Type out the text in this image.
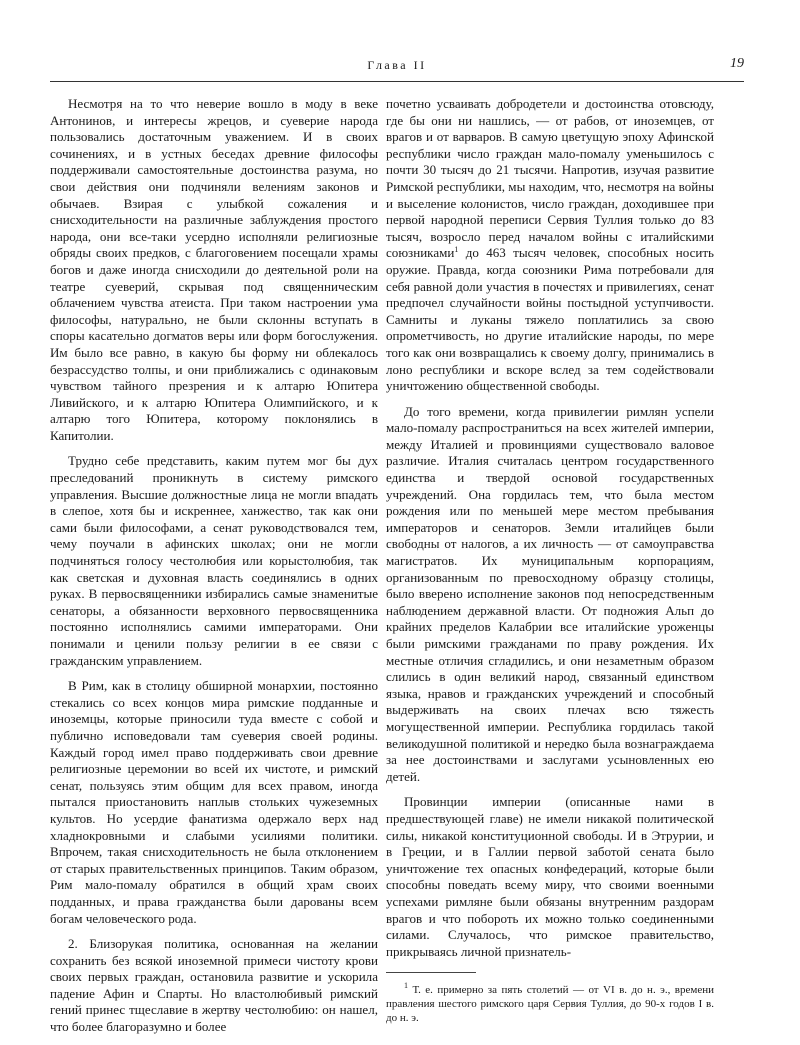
Глава II	19

Несмотря на то что неверие вошло в моду в веке Антонинов, и интересы жрецов, и суеверие народа пользовались достаточным уважением. И в своих сочинениях, и в устных беседах древние философы поддерживали самостоятельные достоинства разума, но свои действия они подчиняли велениям законов и обычаев. Взирая с улыбкой сожаления и снисходительности на различные заблуждения простого народа, они все-таки усердно исполняли религиозные обряды своих предков, с благоговением посещали храмы богов и даже иногда снисходили до деятельной роли на театре суеверий, скрывая под священническим облачением чувства атеиста. При таком настроении ума философы, натурально, не были склонны вступать в споры касательно догматов веры или форм богослужения. Им было все равно, в какую бы форму ни облекалось безрассудство толпы, и они приближались с одинаковым чувством тайного презрения и к алтарю Юпитера Ливийского, и к алтарю Юпитера Олимпийского, и к алтарю того Юпитера, которому поклонялись в Капитолии.

Трудно себе представить, каким путем мог бы дух преследований проникнуть в систему римского управления. Высшие должностные лица не могли впадать в слепое, хотя бы и искреннее, ханжество, так как они сами были философами, а сенат руководствовался тем, чему поучали в афинских школах; они не могли подчиняться голосу честолюбия или корыстолюбия, так как светская и духовная власть соединялись в одних руках. В первосвященники избирались самые знаменитые сенаторы, а обязанности верховного первосвященника постоянно исполнялись самими императорами. Они понимали и ценили пользу религии в ее связи с гражданским управлением.

В Рим, как в столицу обширной монархии, постоянно стекались со всех концов мира римские подданные и иноземцы, которые приносили туда вместе с собой и публично исповедовали там суеверия своей родины. Каждый город имел право поддерживать свои древние религиозные церемонии во всей их чистоте, и римский сенат, пользуясь этим общим для всех правом, иногда пытался приостановить наплыв стольких чужеземных культов. Но усердие фанатизма одержало верх над хладнокровными и слабыми усилиями политики. Впрочем, такая снисходительность не была отклонением от старых правительственных принципов. Таким образом, Рим мало-помалу обратился в общий храм своих подданных, и права гражданства были дарованы всем богам человеческого рода.

2. Близорукая политика, основанная на желании сохранить без всякой иноземной примеси чистоту крови своих первых граждан, остановила развитие и ускорила падение Афин и Спарты. Но властолюбивый римский гений принес тщеславие в жертву честолюбию: он нашел, что более благоразумно и более

почетно усваивать добродетели и достоинства отовсюду, где бы они ни нашлись, — от рабов, от иноземцев, от врагов и от варваров. В самую цветущую эпоху Афинской республики число граждан мало-помалу уменьшилось с почти 30 тысяч до 21 тысячи. Напротив, изучая развитие Римской республики, мы находим, что, несмотря на войны и выселение колонистов, число граждан, доходившее при первой народной переписи Сервия Туллия только до 83 тысяч, возросло перед началом войны с италийскими союзниками$^1$ до 463 тысяч человек, способных носить оружие. Правда, когда союзники Рима потребовали для себя равной доли участия в почестях и привилегиях, сенат предпочел случайности войны постыдной уступчивости. Самниты и луканы тяжело поплатились за свою опрометчивость, но другие италийские народы, по мере того как они возвращались к своему долгу, принимались в лоно республики и вскоре вслед за тем содействовали уничтожению общественной свободы.

До того времени, когда привилегии римлян успели мало-помалу распространиться на всех жителей империи, между Италией и провинциями существовало валовое различие. Италия считалась центром государственного единства и твердой основой государственных учреждений. Она гордилась тем, что была местом рождения или по меньшей мере местом пребывания императоров и сенаторов. Земли италийцев были свободны от налогов, а их личность — от самоуправства магистратов. Их муниципальным корпорациям, организованным по превосходному образцу столицы, было вверено исполнение законов под непосредственным наблюдением державной власти. От подножия Альп до крайних пределов Калабрии все италийские уроженцы были римскими гражданами по праву рождения. Их местные отличия сгладились, и они незаметным образом слились в один великий народ, связанный единством языка, нравов и гражданских учреждений и способный выдерживать на своих плечах всю тяжесть могущественной империи. Республика гордилась такой великодушной политикой и нередко была вознаграждаема за нее достоинствами и заслугами усыновленных ею детей.

Провинции империи (описанные нами в предшествующей главе) не имели никакой политической силы, никакой конституционной свободы. И в Этрурии, и в Греции, и в Галлии первой заботой сената было уничтожение тех опасных конфедераций, которые были способны поведать всему миру, что своими военными успехами римляне были обязаны внутренним раздорам врагов и что побороть их можно только соединенными силами. Случалось, что римское правительство, прикрываясь личной признатель-

$^1$ Т. е. примерно за пять столетий — от VI в. до н. э., времени правления шестого римского царя Сервия Туллия, до 90-х годов I в. до н. э.
